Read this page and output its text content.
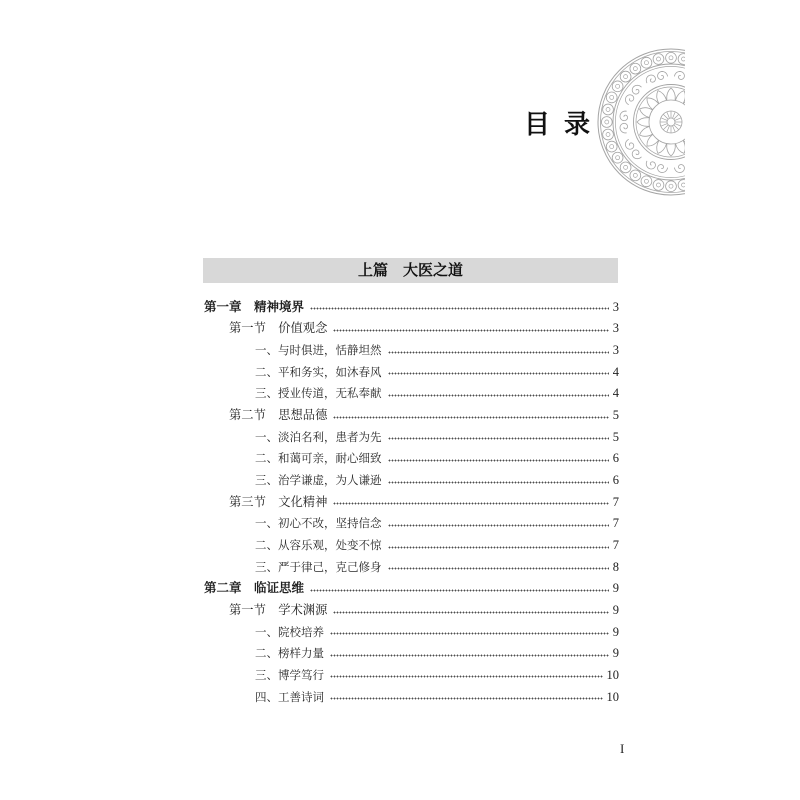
目录
上篇　大医之道
第一章　精神境界	3
第一节　价值观念	3
一、与时俱进，恬静坦然	3
二、平和务实，如沐春风	4
三、授业传道，无私奉献	4
第二节　思想品德	5
一、淡泊名利，患者为先	5
二、和蔼可亲，耐心细致	6
三、治学谦虚，为人谦逊	6
第三节　文化精神	7
一、初心不改，坚持信念	7
二、从容乐观，处变不惊	7
三、严于律己，克己修身	8
第二章　临证思维	9
第一节　学术渊源	9
一、院校培养	9
二、榜样力量	9
三、博学笃行	10
四、工善诗词	10
I
